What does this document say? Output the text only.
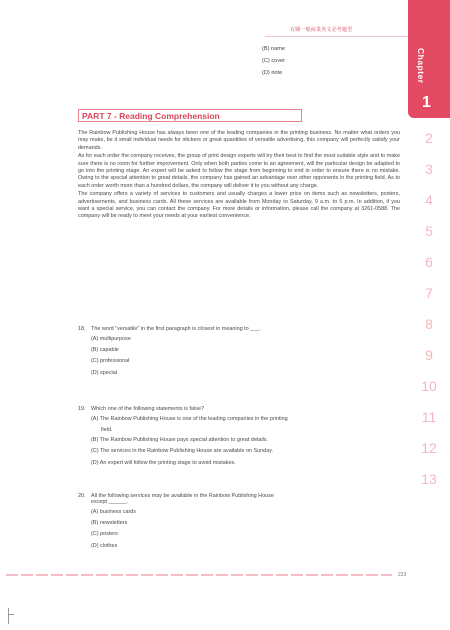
有關一般商業英文必考題型
(B) name
(C) cover
(D) note	Chapter
1
2
3
4
5
6
7
8
9
10
11
12
13
PART 7 - Reading Comprehension

The Rainbow Publishing House has always been one of the leading companies in the printing business. No matter what orders you may make, be it small individual needs for stickers or great quantities of versatile advertising, this company will perfectly satisfy your demands.

As for each order the company receives, the group of print design experts will try their best to find the most suitable style and to make sure there is no room for further improvement. Only when both parties come to an agreement, will the particular design be adapted to go into the printing stage. An expert will be asked to follow the stage from beginning to end in order to ensure there is no mistake. Owing to the special attention to great details, the company has gained an advantage over other opponents in the printing field. As to each order worth more than a hundred dollars, the company will deliver it to you without any charge.

The company offers a variety of services to customers and usually charges a lower price on items such as newsletters, posters, advertisements, and business cards. All these services are available from Monday to Saturday, 9 a.m. to 5 p.m. In addition, if you want a special service, you can contact the company. For more details or information, please call the company at 3261-0588. The company will be ready to meet your needs at your earliest convenience.

18. The word "versatile" in the first paragraph is closest in meaning to ___.
(A) multipurpose
(B) capable
(C) professional
(D) special
19. Which one of the following statements is false?
(A) The Rainbow Publishing House is one of the leading companies in the printing
field.
(B) The Rainbow Publishing House pays special attention to great details.
(C) The services in the Rainbow Publishing House are available on Sunday.
(D) An expert will follow the printing stage to avoid mistakes.
20. All the following services may be available in the Rainbow Publishing House
except ______.
(A) business cards
(B) newsletters
(C) posters
(D) clothes
223
